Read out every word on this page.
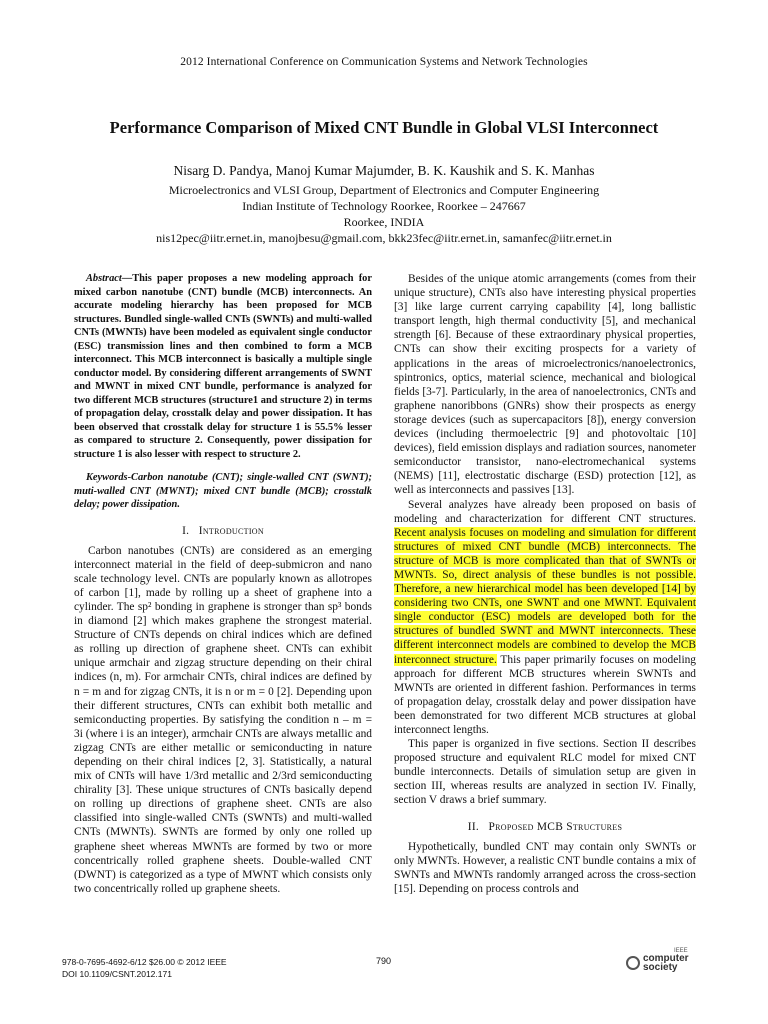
2012 International Conference on Communication Systems and Network Technologies
Performance Comparison of Mixed CNT Bundle in Global VLSI Interconnect
Nisarg D. Pandya, Manoj Kumar Majumder, B. K. Kaushik and S. K. Manhas
Microelectronics and VLSI Group, Department of Electronics and Computer Engineering
Indian Institute of Technology Roorkee, Roorkee – 247667
Roorkee, INDIA
nis12pec@iitr.ernet.in, manojbesu@gmail.com, bkk23fec@iitr.ernet.in, samanfec@iitr.ernet.in

Abstract—This paper proposes a new modeling approach for mixed carbon nanotube (CNT) bundle (MCB) interconnects. An accurate modeling hierarchy has been proposed for MCB structures. Bundled single-walled CNTs (SWNTs) and multi-walled CNTs (MWNTs) have been modeled as equivalent single conductor (ESC) transmission lines and then combined to form a MCB interconnect. This MCB interconnect is basically a multiple single conductor model. By considering different arrangements of SWNT and MWNT in mixed CNT bundle, performance is analyzed for two different MCB structures (structure1 and structure 2) in terms of propagation delay, crosstalk delay and power dissipation. It has been observed that crosstalk delay for structure 1 is 55.5% lesser as compared to structure 2. Consequently, power dissipation for structure 1 is also lesser with respect to structure 2.

Keywords-Carbon nanotube (CNT); single-walled CNT (SWNT); muti-walled CNT (MWNT); mixed CNT bundle (MCB); crosstalk delay; power dissipation.

I. Introduction

Carbon nanotubes (CNTs) are considered as an emerging interconnect material in the field of deep-submicron and nano scale technology level. CNTs are popularly known as allotropes of carbon [1], made by rolling up a sheet of graphene into a cylinder. The sp² bonding in graphene is stronger than sp³ bonds in diamond [2] which makes graphene the strongest material. Structure of CNTs depends on chiral indices which are defined as rolling up direction of graphene sheet. CNTs can exhibit unique armchair and zigzag structure depending on their chiral indices (n, m). For armchair CNTs, chiral indices are defined by n = m and for zigzag CNTs, it is n or m = 0 [2]. Depending upon their different structures, CNTs can exhibit both metallic and semiconducting properties. By satisfying the condition n – m = 3i (where i is an integer), armchair CNTs are always metallic and zigzag CNTs are either metallic or semiconducting in nature depending on their chiral indices [2, 3]. Statistically, a natural mix of CNTs will have 1/3rd metallic and 2/3rd semiconducting chirality [3]. These unique structures of CNTs basically depend on rolling up directions of graphene sheet. CNTs are also classified into single-walled CNTs (SWNTs) and multi-walled CNTs (MWNTs). SWNTs are formed by only one rolled up graphene sheet whereas MWNTs are formed by two or more concentrically rolled graphene sheets. Double-walled CNT (DWNT) is categorized as a type of MWNT which consists only two concentrically rolled up graphene sheets.

Besides of the unique atomic arrangements (comes from their unique structure), CNTs also have interesting physical properties [3] like large current carrying capability [4], long ballistic transport length, high thermal conductivity [5], and mechanical strength [6]. Because of these extraordinary physical properties, CNTs can show their exciting prospects for a variety of applications in the areas of microelectronics/nanoelectronics, spintronics, optics, material science, mechanical and biological fields [3-7]. Particularly, in the area of nanoelectronics, CNTs and graphene nanoribbons (GNRs) show their prospects as energy storage devices (such as supercapacitors [8]), energy conversion devices (including thermoelectric [9] and photovoltaic [10] devices), field emission displays and radiation sources, nanometer semiconductor transistor, nano-electromechanical systems (NEMS) [11], electrostatic discharge (ESD) protection [12], as well as interconnects and passives [13].

Several analyzes have already been proposed on basis of modeling and characterization for different CNT structures. Recent analysis focuses on modeling and simulation for different structures of mixed CNT bundle (MCB) interconnects. The structure of MCB is more complicated than that of SWNTs or MWNTs. So, direct analysis of these bundles is not possible. Therefore, a new hierarchical model has been developed [14] by considering two CNTs, one SWNT and one MWNT. Equivalent single conductor (ESC) models are developed both for the structures of bundled SWNT and MWNT interconnects. These different interconnect models are combined to develop the MCB interconnect structure. This paper primarily focuses on modeling approach for different MCB structures wherein SWNTs and MWNTs are oriented in different fashion. Performances in terms of propagation delay, crosstalk delay and power dissipation have been demonstrated for two different MCB structures at global interconnect lengths.

This paper is organized in five sections. Section II describes proposed structure and equivalent RLC model for mixed CNT bundle interconnects. Details of simulation setup are given in section III, whereas results are analyzed in section IV. Finally, section V draws a brief summary.

II. Proposed MCB Structures

Hypothetically, bundled CNT may contain only SWNTs or only MWNTs. However, a realistic CNT bundle contains a mix of SWNTs and MWNTs randomly arranged across the cross-section [15]. Depending on process controls and

978-0-7695-4692-6/12 $26.00 © 2012 IEEE
DOI 10.1109/CSNT.2012.171
790
IEEE
computer society
